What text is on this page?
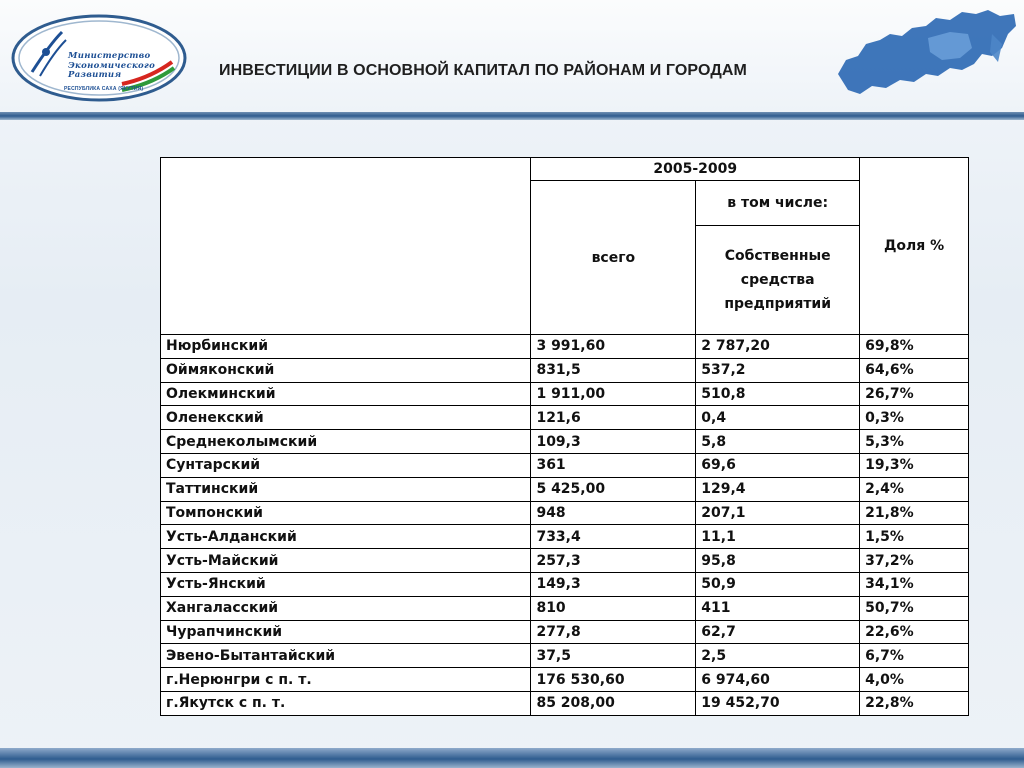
Министерство
Экономического
Развития
РЕСПУБЛИКА САХА (ЯКУТИЯ)
ИНВЕСТИЦИИ В ОСНОВНОЙ КАПИТАЛ ПО РАЙОНАМ И ГОРОДАМ
	2005-2009		Доля %
	всего	в том числе:	
		Собственные средства предприятий	
Нюрбинский	3 991,60	2 787,20	69,8%
Оймяконский	831,5	537,2	64,6%
Олекминский	1 911,00	510,8	26,7%
Оленекский	121,6	0,4	0,3%
Среднеколымский	109,3	5,8	5,3%
Сунтарский	361	69,6	19,3%
Таттинский	5 425,00	129,4	2,4%
Томпонский	948	207,1	21,8%
Усть-Алданский	733,4	11,1	1,5%
Усть-Майский	257,3	95,8	37,2%
Усть-Янский	149,3	50,9	34,1%
Хангаласский	810	411	50,7%
Чурапчинский	277,8	62,7	22,6%
Эвено-Бытантайский	37,5	2,5	6,7%
г.Нерюнгри с п. т.	176 530,60	6 974,60	4,0%
г.Якутск с п. т.	85 208,00	19 452,70	22,8%
